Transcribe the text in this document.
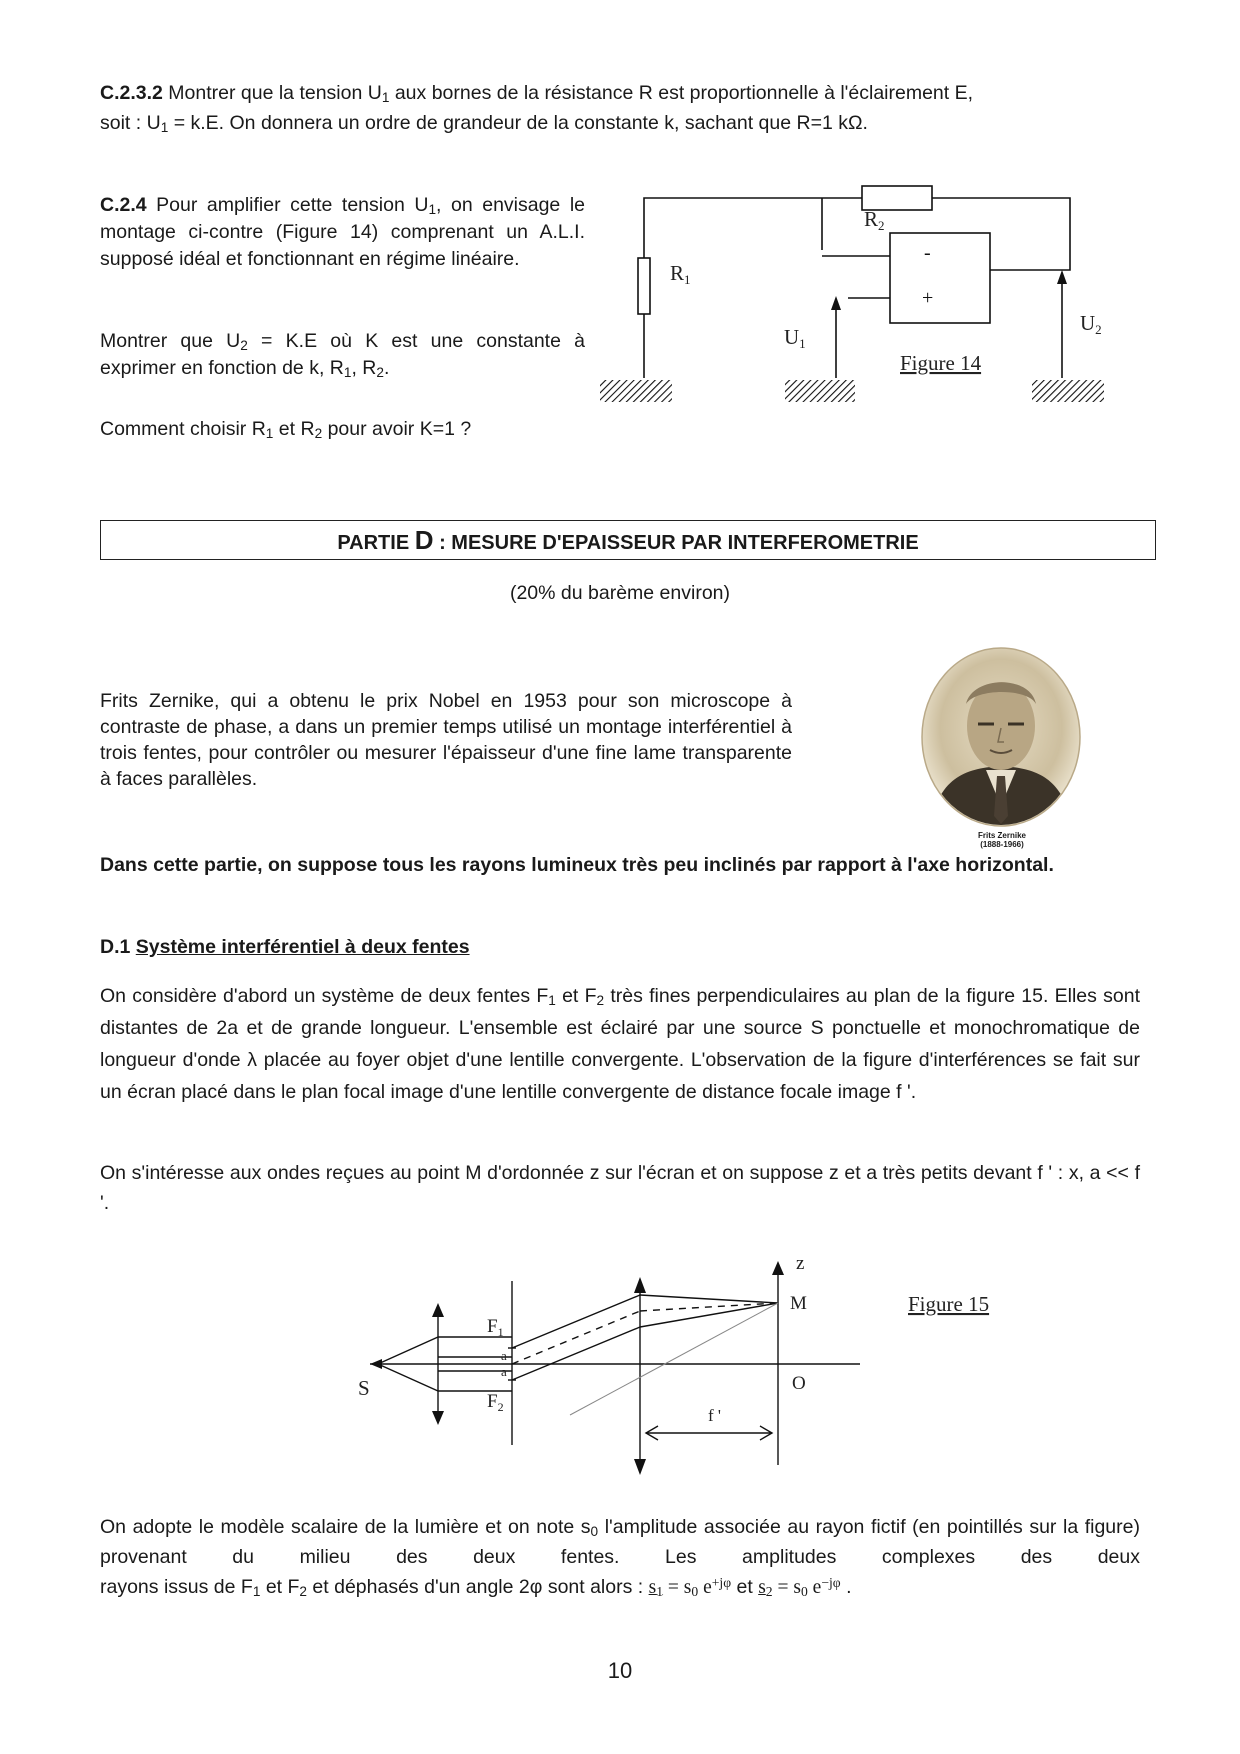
C.2.3.2 Montrer que la tension $U_1$ aux bornes de la résistance R est proportionnelle à l'éclairement E,
soit : $U_1 = k.E$. On donnera un ordre de grandeur de la constante k, sachant que R=1 kΩ.

C.2.4 Pour amplifier cette tension $U_1$, on envisage le montage ci-contre (Figure 14) comprenant un A.L.I. supposé idéal et fonctionnant en régime linéaire.

Montrer que $U_2 = K.E$ où K est une constante à exprimer en fonction de k, $R_1$, $R_2$.

Comment choisir $R_1$ et $R_2$ pour avoir K=1 ?

R2
R1
-
+
U1
U2
Figure 14
PARTIE D : MESURE D'EPAISSEUR PAR INTERFEROMETRIE

(20% du barème environ)

Frits Zernike, qui a obtenu le prix Nobel en 1953 pour son microscope à contraste de phase, a dans un premier temps utilisé un montage interférentiel à trois fentes, pour contrôler ou mesurer l'épaisseur d'une fine lame transparente à faces parallèles.

Frits Zernike
(1888-1966)

Dans cette partie, on suppose tous les rayons lumineux très peu inclinés par rapport à l'axe horizontal.

D.1 Système interférentiel à deux fentes

On considère d'abord un système de deux fentes $F_1$ et $F_2$ très fines perpendiculaires au plan de la figure 15. Elles sont distantes de 2a et de grande longueur. L'ensemble est éclairé par une source S ponctuelle et monochromatique de longueur d'onde λ placée au foyer objet d'une lentille convergente. L'observation de la figure d'interférences se fait sur un écran placé dans le plan focal image d'une lentille convergente de distance focale image f '.

On s'intéresse aux ondes reçues au point M d'ordonnée z sur l'écran et on suppose z et a très petits devant f ' : x, a << f '.

S
$F_1$
$F_2$
a
a
z
M
O
f '
Figure 15

On adopte le modèle scalaire de la lumière et on note $s_0$ l'amplitude associée au rayon fictif (en pointillés sur la figure) provenant du milieu des deux fentes. Les amplitudes complexes des deux

rayons issus de $F_1$ et $F_2$ et déphasés d'un angle 2φ sont alors : $s_1 = s_0$ $e^{+j\varphi}$ et $s_2 = s_0$ $e^{-j\varphi}$ .

10
